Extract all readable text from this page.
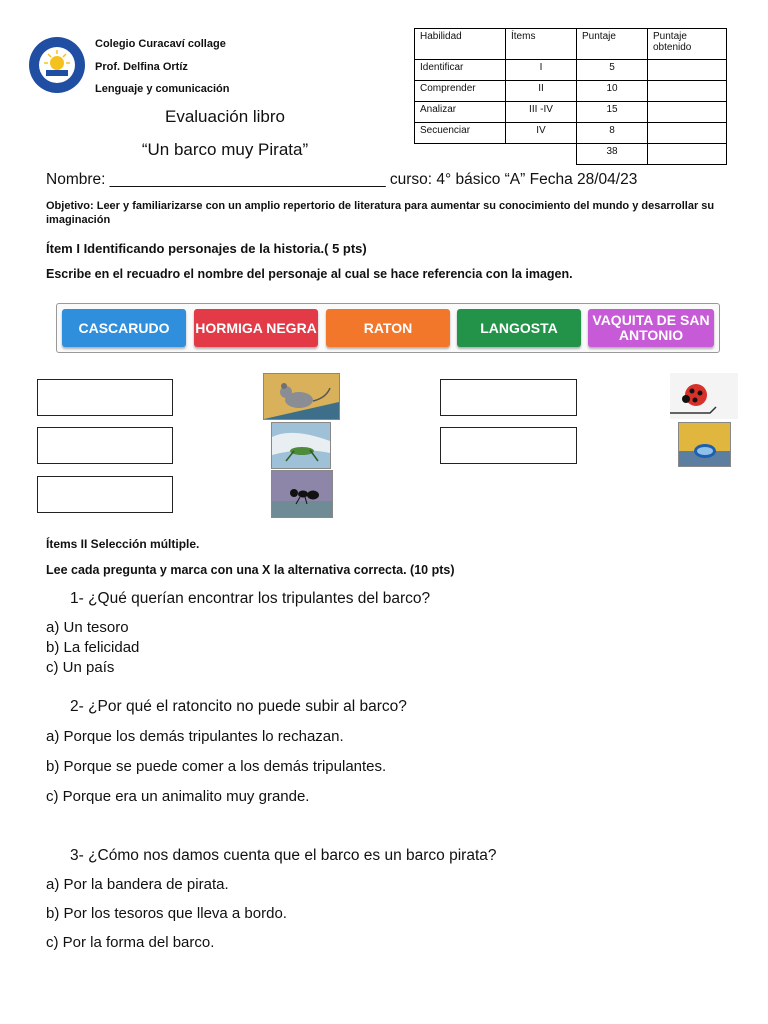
Colegio Curacaví collage
Prof. Delfina Ortíz
Lenguaje y comunicación
Evaluación libro
“Un barco muy Pirata”
Habilidad	Ítems	Puntaje	Puntaje obtenido
Identificar	I	5	
Comprender	II	10	
Analizar	III -IV	15	
Secuenciar	IV	8	
		38	
Nombre: ________________________________ curso: 4° básico “A” Fecha 28/04/23
Objetivo: Leer y familiarizarse con un amplio repertorio de literatura para aumentar su conocimiento del mundo y desarrollar su imaginación
Ítem I Identificando personajes de la historia.( 5 pts)
Escribe en el recuadro el nombre del personaje al cual se hace referencia con la imagen.
CASCARUDO	HORMIGA NEGRA	RATON	LANGOSTA	VAQUITA DE SAN ANTONIO
Ítems II Selección múltiple.
Lee cada pregunta y marca con una X la alternativa correcta. (10 pts)
1- ¿Qué querían encontrar los tripulantes del barco?
a) Un tesoro
b) La felicidad
c) Un país
2- ¿Por qué el ratoncito no puede subir al barco?
a) Porque los demás tripulantes lo rechazan.
b) Porque se puede comer a los demás tripulantes.
c) Porque era un animalito muy grande.
3- ¿Cómo nos damos cuenta que el barco es un barco pirata?
a) Por la bandera de pirata.
b) Por los tesoros que lleva a bordo.
c) Por la forma del barco.
